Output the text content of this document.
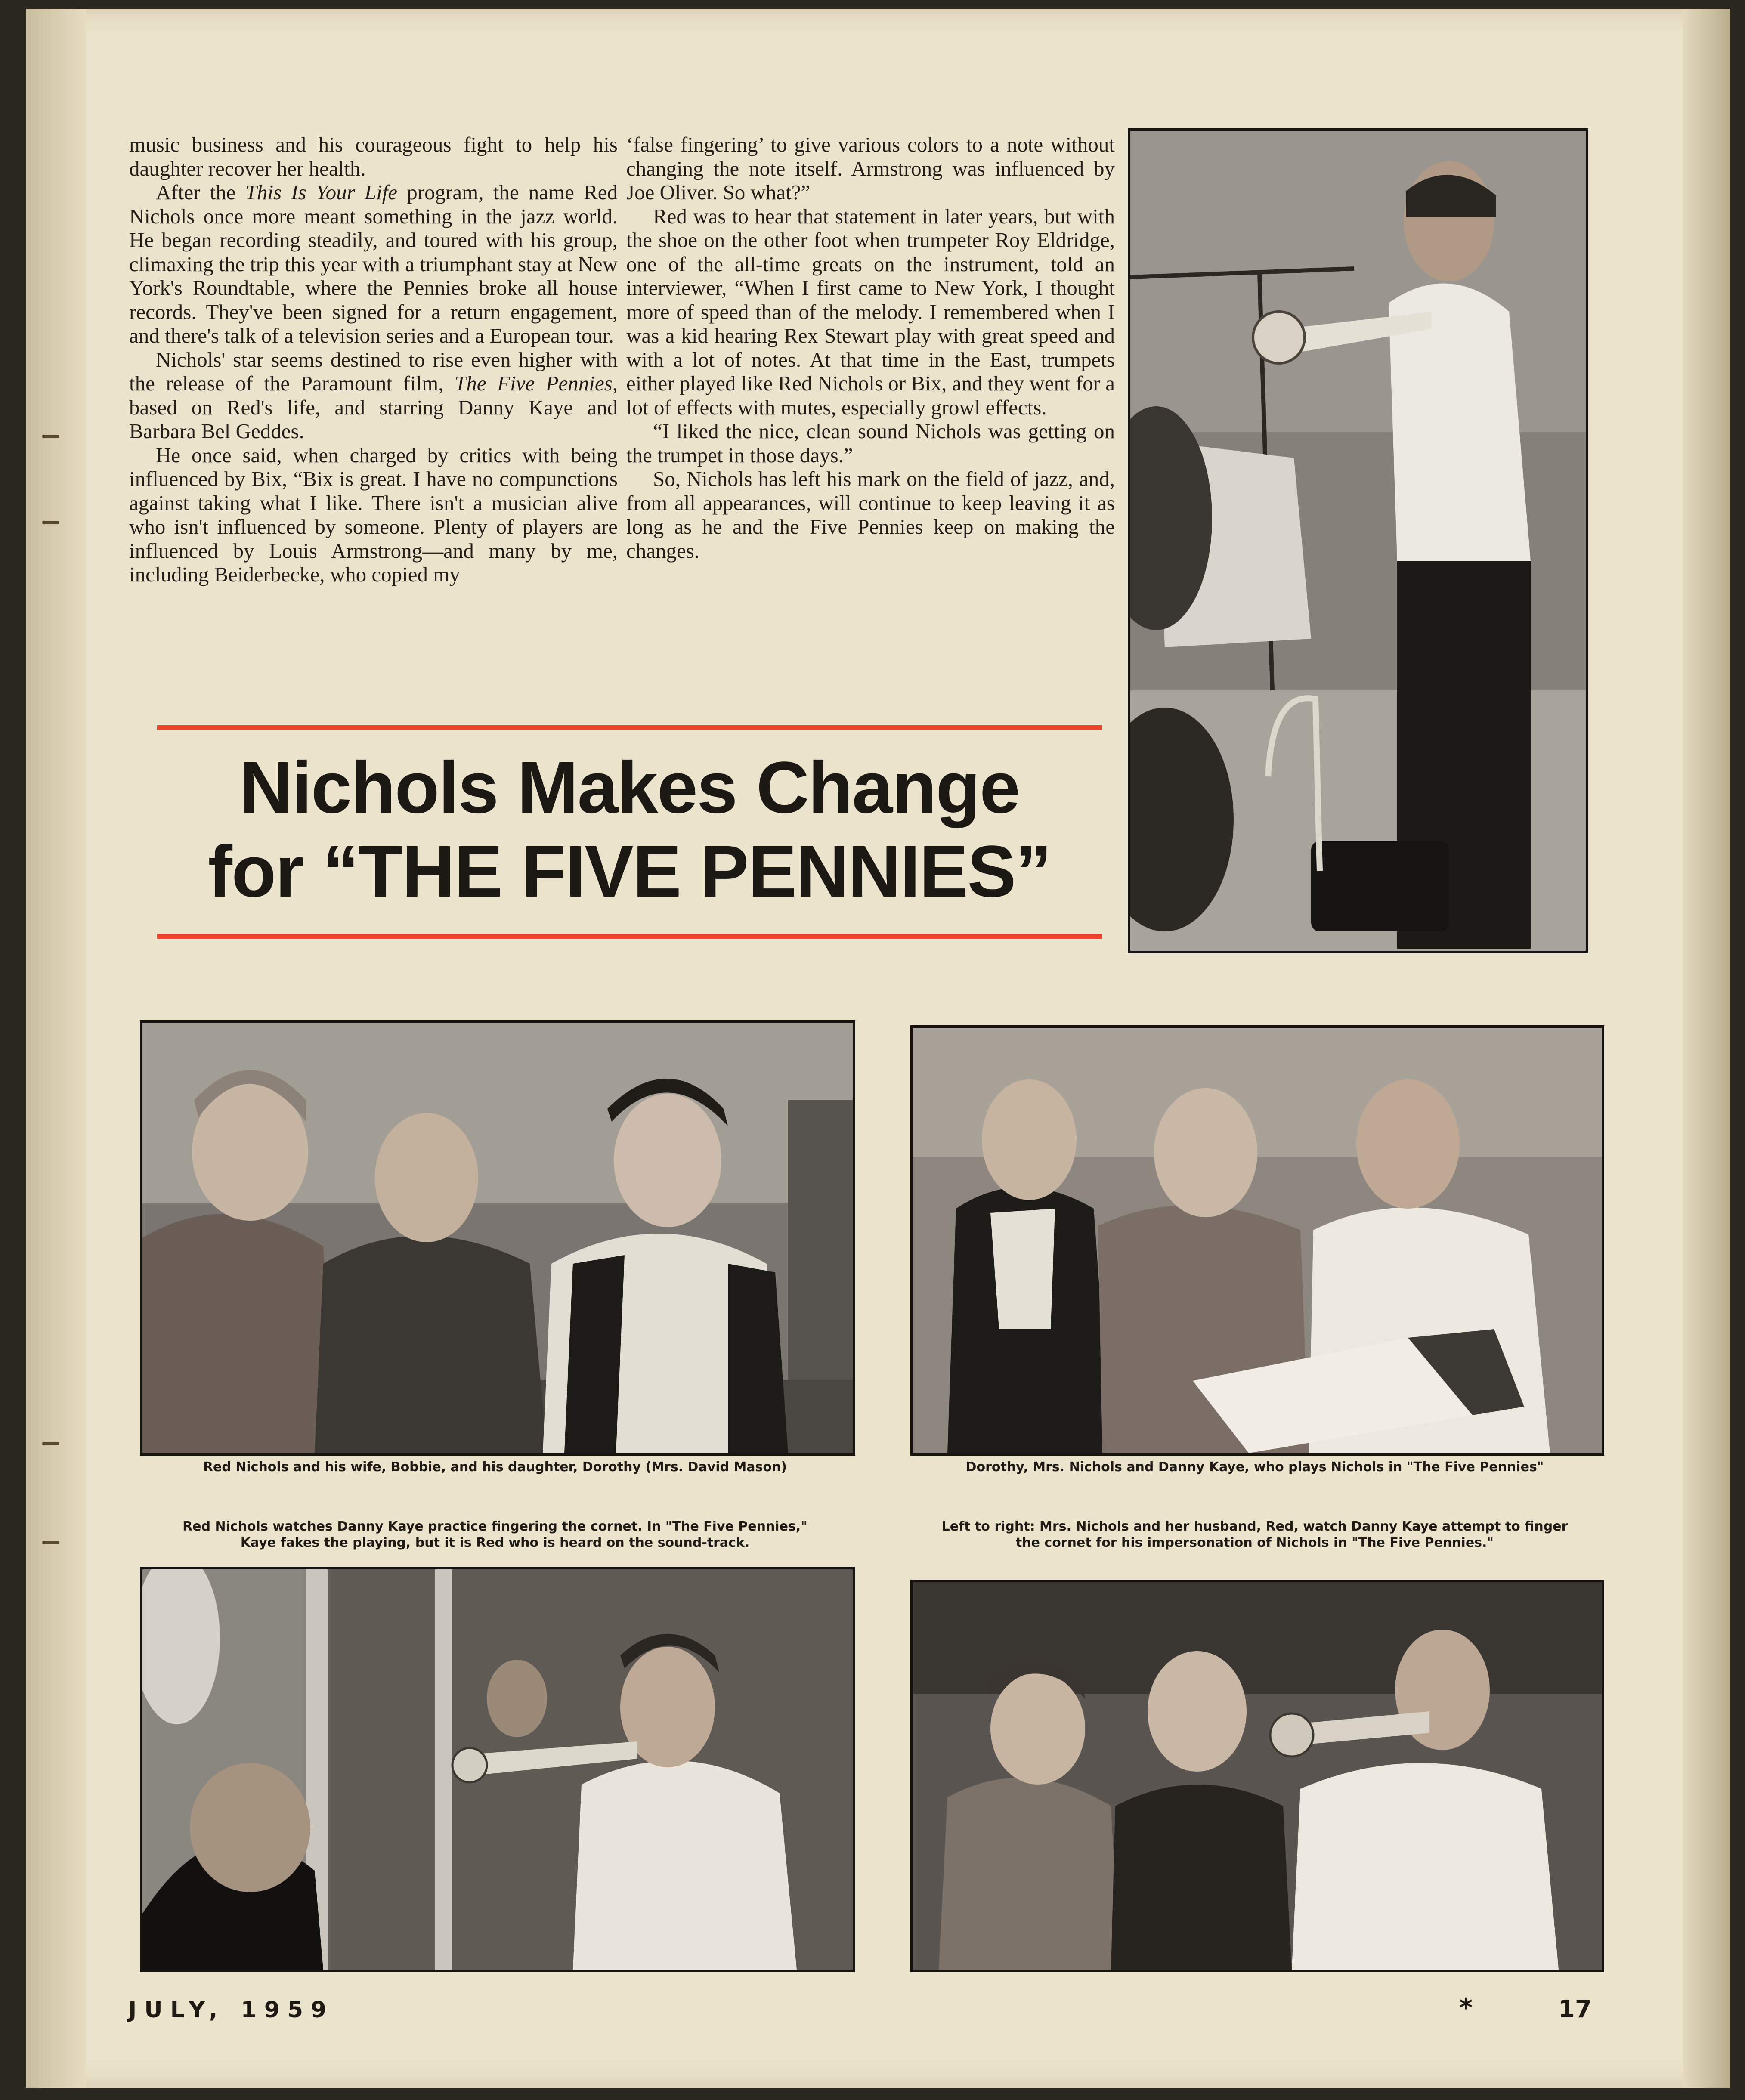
music business and his courageous fight to help his daughter recover her health.

After the This Is Your Life program, the name Red Nichols once more meant something in the jazz world. He began recording steadily, and toured with his group, climaxing the trip this year with a triumphant stay at New York's Roundtable, where the Pennies broke all house records. They've been signed for a return engagement, and there's talk of a television series and a European tour.

Nichols' star seems destined to rise even higher with the release of the Paramount film, The Five Pennies, based on Red's life, and starring Danny Kaye and Barbara Bel Geddes.

He once said, when charged by critics with being influenced by Bix, “Bix is great. I have no compunctions against taking what I like. There isn't a musician alive who isn't influenced by someone. Plenty of players are influenced by Louis Armstrong—and many by me, including Beiderbecke, who copied my

‘false fingering’ to give various colors to a note without changing the note itself. Armstrong was influenced by Joe Oliver. So what?”

Red was to hear that statement in later years, but with the shoe on the other foot when trumpeter Roy Eldridge, one of the all-time greats on the instrument, told an interviewer, “When I first came to New York, I thought more of speed than of the melody. I remembered when I was a kid hearing Rex Stewart play with great speed and with a lot of notes. At that time in the East, trumpets either played like Red Nichols or Bix, and they went for a lot of effects with mutes, especially growl effects.

“I liked the nice, clean sound Nichols was getting on the trumpet in those days.”

So, Nichols has left his mark on the field of jazz, and, from all appearances, will continue to keep leaving it as long as he and the Five Pennies keep on making the changes.

Nichols Makes Change
for “THE FIVE PENNIES”
Red Nichols and his wife, Bobbie, and his daughter, Dorothy (Mrs. David Mason)	Dorothy, Mrs. Nichols and Danny Kaye, who plays Nichols in "The Five Pennies"
Red Nichols watches Danny Kaye practice fingering the cornet. In "The Five Pennies,"
Kaye fakes the playing, but it is Red who is heard on the sound-track.
Left to right: Mrs. Nichols and her husband, Red, watch Danny Kaye attempt to finger
the cornet for his impersonation of Nichols in "The Five Pennies."
JULY, 1959	*	17
